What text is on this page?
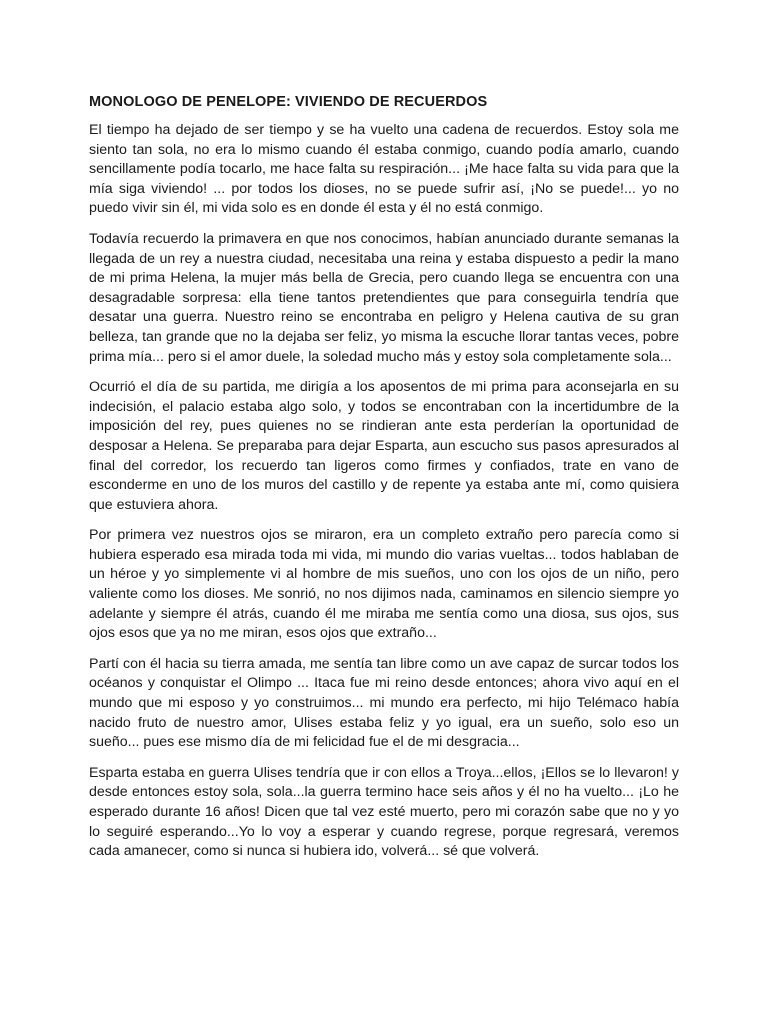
MONOLOGO DE PENELOPE: VIVIENDO DE RECUERDOS

El tiempo ha dejado de ser tiempo y se ha vuelto una cadena de recuerdos. Estoy sola me siento tan sola, no era lo mismo cuando él estaba conmigo, cuando podía amarlo, cuando sencillamente podía tocarlo, me hace falta su respiración... ¡Me hace falta su vida para que la mía siga viviendo! ... por todos los dioses, no se puede sufrir así, ¡No se puede!... yo no puedo vivir sin él, mi vida solo es en donde él esta y él no está conmigo.

Todavía recuerdo la primavera en que nos conocimos, habían anunciado durante semanas la llegada de un rey a nuestra ciudad, necesitaba una reina y estaba dispuesto a pedir la mano de mi prima Helena, la mujer más bella de Grecia, pero cuando llega se encuentra con una desagradable sorpresa: ella tiene tantos pretendientes que para conseguirla tendría que desatar una guerra. Nuestro reino se encontraba en peligro y Helena cautiva de su gran belleza, tan grande que no la dejaba ser feliz, yo misma la escuche llorar tantas veces, pobre prima mía... pero si el amor duele, la soledad mucho más y estoy sola completamente sola...

Ocurrió el día de su partida, me dirigía a los aposentos de mi prima para aconsejarla en su indecisión, el palacio estaba algo solo, y todos se encontraban con la incertidumbre de la imposición del rey, pues quienes no se rindieran ante esta perderían la oportunidad de desposar a Helena. Se preparaba para dejar Esparta, aun escucho sus pasos apresurados al final del corredor, los recuerdo tan ligeros como firmes y confiados, trate en vano de esconderme en uno de los muros del castillo y de repente ya estaba ante mí, como quisiera que estuviera ahora.

Por primera vez nuestros ojos se miraron, era un completo extraño pero parecía como si hubiera esperado esa mirada toda mi vida, mi mundo dio varias vueltas... todos hablaban de un héroe y yo simplemente vi al hombre de mis sueños, uno con los ojos de un niño, pero valiente como los dioses. Me sonrió, no nos dijimos nada, caminamos en silencio siempre yo adelante y siempre él atrás, cuando él me miraba me sentía como una diosa, sus ojos, sus ojos esos que ya no me miran, esos ojos que extraño...

Partí con él hacia su tierra amada, me sentía tan libre como un ave capaz de surcar todos los océanos y conquistar el Olimpo ... Itaca fue mi reino desde entonces; ahora vivo aquí en el mundo que mi esposo y yo construimos... mi mundo era perfecto, mi hijo Telémaco había nacido fruto de nuestro amor, Ulises estaba feliz y yo igual, era un sueño, solo eso un sueño... pues ese mismo día de mi felicidad fue el de mi desgracia...

Esparta estaba en guerra Ulises tendría que ir con ellos a Troya...ellos, ¡Ellos se lo llevaron! y desde entonces estoy sola, sola...la guerra termino hace seis años y él no ha vuelto... ¡Lo he esperado durante 16 años! Dicen que tal vez esté muerto, pero mi corazón sabe que no y yo lo seguiré esperando...Yo lo voy a esperar y cuando regrese, porque regresará, veremos cada amanecer, como si nunca si hubiera ido, volverá... sé que volverá.
